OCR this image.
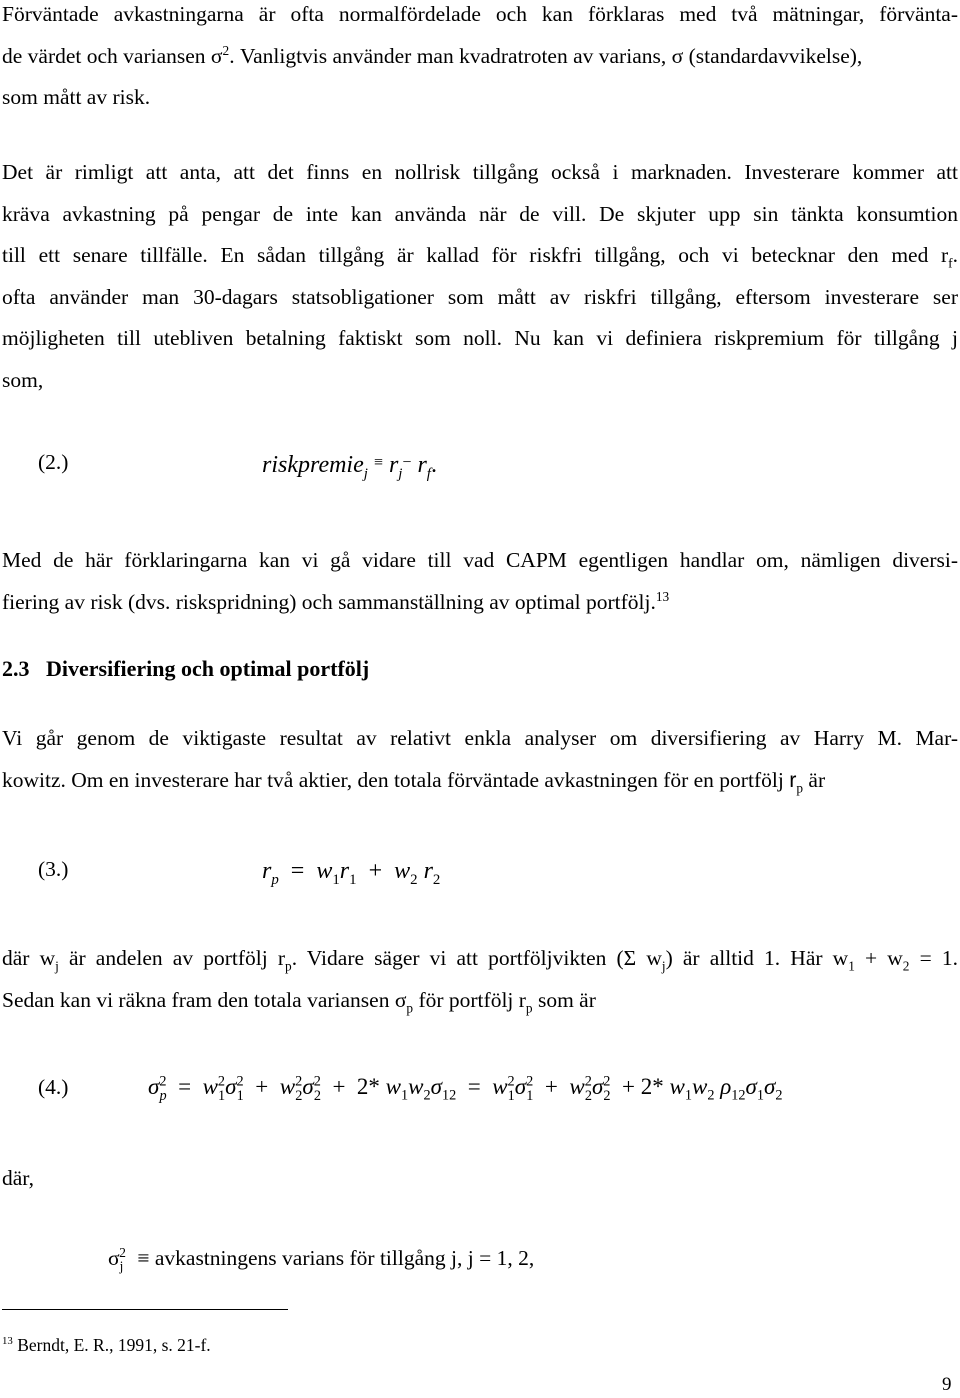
Förväntade avkastningarna är ofta normalfördelade och kan förklaras med två mätningar, förvänta-
de värdet och variansen $\sigma^2$. Vanligtvis använder man kvadratroten av varians, σ (standardavvikelse),
som mått av risk.
Det är rimligt att anta, att det finns en nollrisk tillgång också i marknaden. Investerare kommer att
kräva avkastning på pengar de inte kan använda när de vill. De skjuter upp sin tänkta konsumtion
till ett senare tillfälle. En sådan tillgång är kallad för riskfri tillgång, och vi betecknar den med $r_f$.
ofta använder man 30-dagars statsobligationer som mått av riskfri tillgång, eftersom investerare ser
möjligheten till utebliven betalning faktiskt som noll. Nu kan vi definiera riskpremium för tillgång j
som,
(2.)	riskpremie$_j$ ≡ $r_j^-$ $r_f$.
Med de här förklaringarna kan vi gå vidare till vad CAPM egentligen handlar om, nämligen diversi-
fiering av risk (dvs. riskspridning) och sammanställning av optimal portfölj.$^{13}$
2.3 Diversifiering och optimal portfölj
Vi går genom de viktigaste resultat av relativt enkla analyser om diversifiering av Harry M. Mar-
kowitz. Om en investerare har två aktier, den totala förväntade avkastningen för en portfölj $r_p$ är
(3.)	$r_p = w_1r_1 + w_2$ $r_2$
där $w_j$ är andelen av portfölj $r_p$. Vidare säger vi att portföljvikten (Σ $w_j$) är alltid 1. Här $w_1 + w_2 = 1$.
Sedan kan vi räkna fram den totala variansen $\sigma_p$ för portfölj $r_p$ som är
(4.)	$\sigma^2_p = w^2_1\sigma^2_1 + w^2_2\sigma^2_2 + 2*$ $w_1w_2\sigma_{12} = w^2_1\sigma^2_1 + w^2_2\sigma^2_2 + 2*$ $w_1w_2$ $\rho_{12}\sigma_1\sigma_2$
där,
$\sigma_j^2$ ≡ avkastningens varians för tillgång j, j = 1, 2,
$^{13}$ Berndt, E. R., 1991, s. 21-f.
9
